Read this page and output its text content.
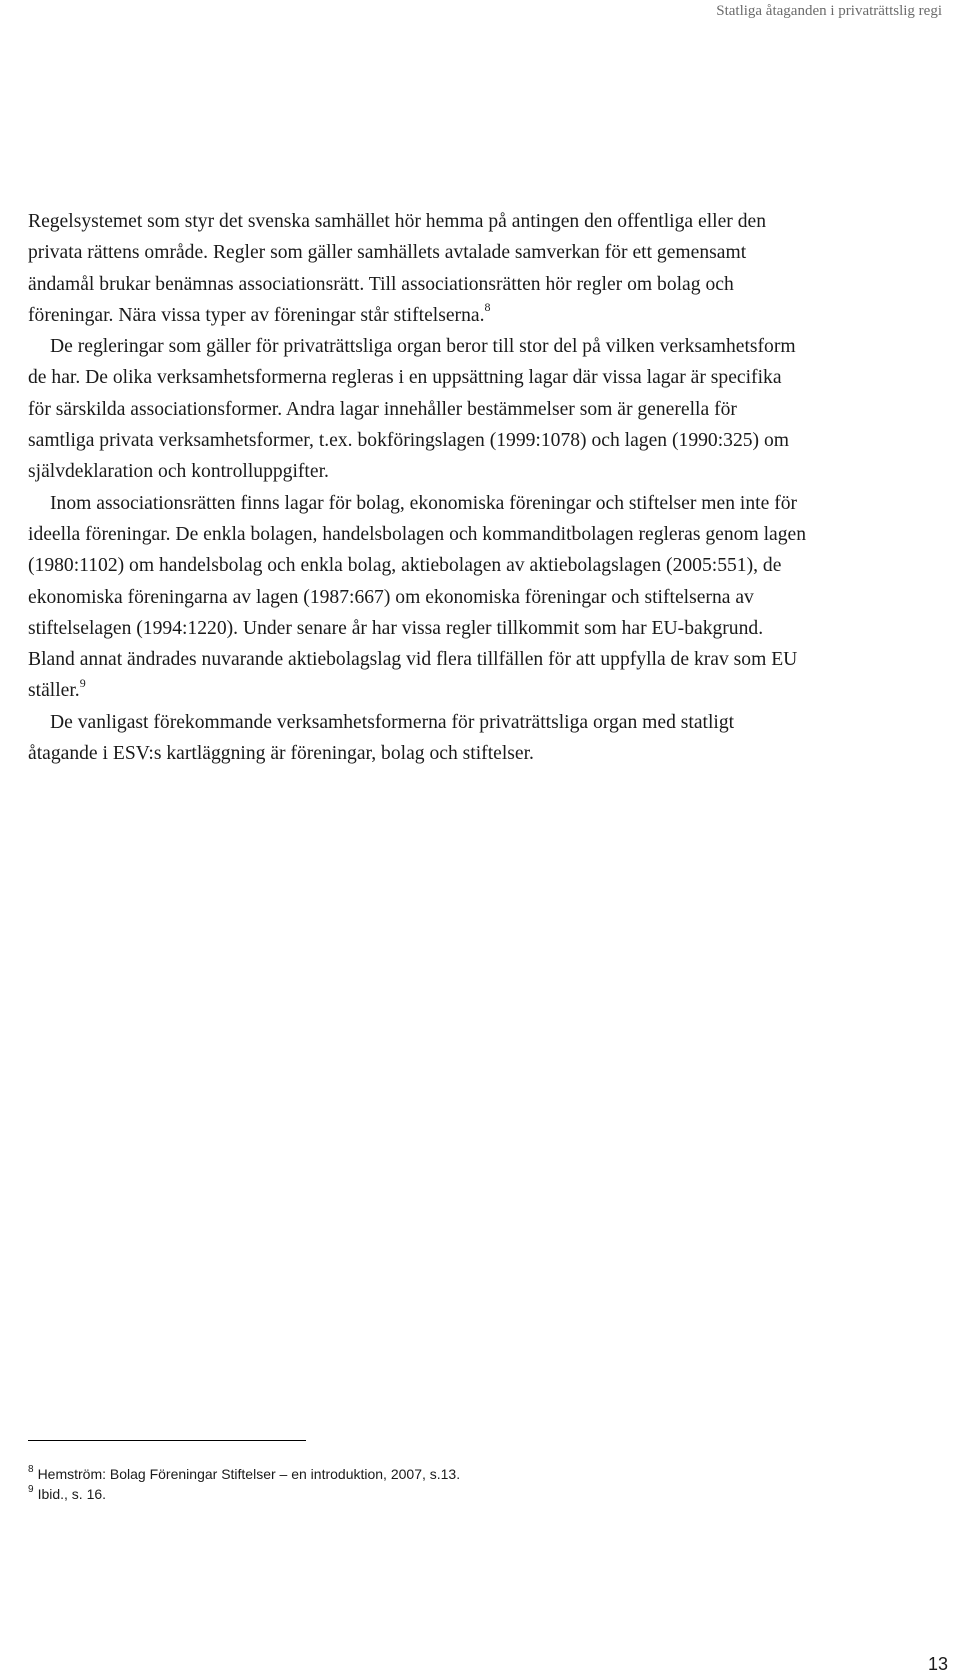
Statliga åtaganden i privaträttslig regi

Regelsystemet som styr det svenska samhället hör hemma på antingen den offentliga eller den privata rättens område. Regler som gäller samhällets avtalade samverkan för ett gemensamt ändamål brukar benämnas associationsrätt. Till associationsrätten hör regler om bolag och föreningar. Nära vissa typer av föreningar står stiftelserna.$^8$

De regleringar som gäller för privaträttsliga organ beror till stor del på vilken verksamhetsform de har. De olika verksamhetsformerna regleras i en uppsättning lagar där vissa lagar är specifika för särskilda associationsformer. Andra lagar innehåller bestämmelser som är generella för samtliga privata verksamhetsformer, t.ex. bokföringslagen (1999:1078) och lagen (1990:325) om självdeklaration och kontrolluppgifter.

Inom associationsrätten finns lagar för bolag, ekonomiska föreningar och stiftelser men inte för ideella föreningar. De enkla bolagen, handelsbolagen och kommanditbolagen regleras genom lagen (1980:1102) om handelsbolag och enkla bolag, aktiebolagen av aktiebolagslagen (2005:551), de ekonomiska föreningarna av lagen (1987:667) om ekonomiska föreningar och stiftelserna av stiftelselagen (1994:1220). Under senare år har vissa regler tillkommit som har EU-bakgrund. Bland annat ändrades nuvarande aktiebolagslag vid flera tillfällen för att uppfylla de krav som EU ställer.$^9$

De vanligast förekommande verksamhetsformerna för privaträttsliga organ med statligt åtagande i ESV:s kartläggning är föreningar, bolag och stiftelser.

$^8$ Hemström: Bolag Föreningar Stiftelser – en introduktion, 2007, s.13.
$^9$ Ibid., s. 16.
13
